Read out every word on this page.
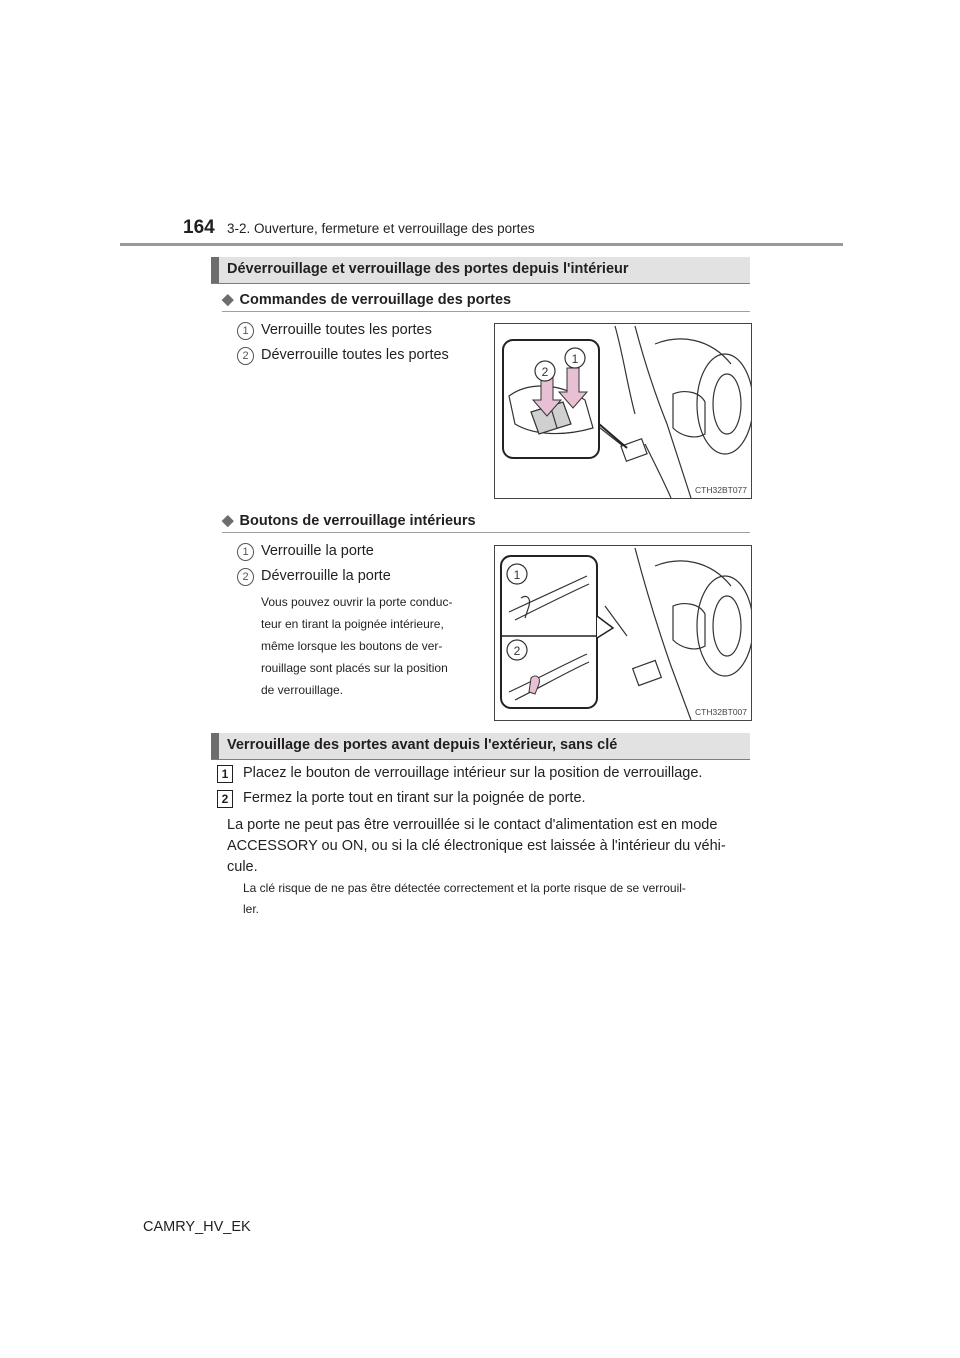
164 3-2. Ouverture, fermeture et verrouillage des portes
Déverrouillage et verrouillage des portes depuis l'intérieur
◆ Commandes de verrouillage des portes
1 Verrouille toutes les portes
2 Déverrouille toutes les portes
2
1
CTH32BT077
◆ Boutons de verrouillage intérieurs
1 Verrouille la porte
2 Déverrouille la porte
Vous pouvez ouvrir la porte conduc-
teur en tirant la poignée intérieure,
même lorsque les boutons de ver-
rouillage sont placés sur la position
de verrouillage.
1
2
CTH32BT007
Verrouillage des portes avant depuis l'extérieur, sans clé
1	Placez le bouton de verrouillage intérieur sur la position de verrouillage.
2	Fermez la porte tout en tirant sur la poignée de porte.
La porte ne peut pas être verrouillée si le contact d'alimentation est en mode
ACCESSORY ou ON, ou si la clé électronique est laissée à l'intérieur du véhi-
cule.
La clé risque de ne pas être détectée correctement et la porte risque de se verrouil-
ler.
CAMRY_HV_EK
